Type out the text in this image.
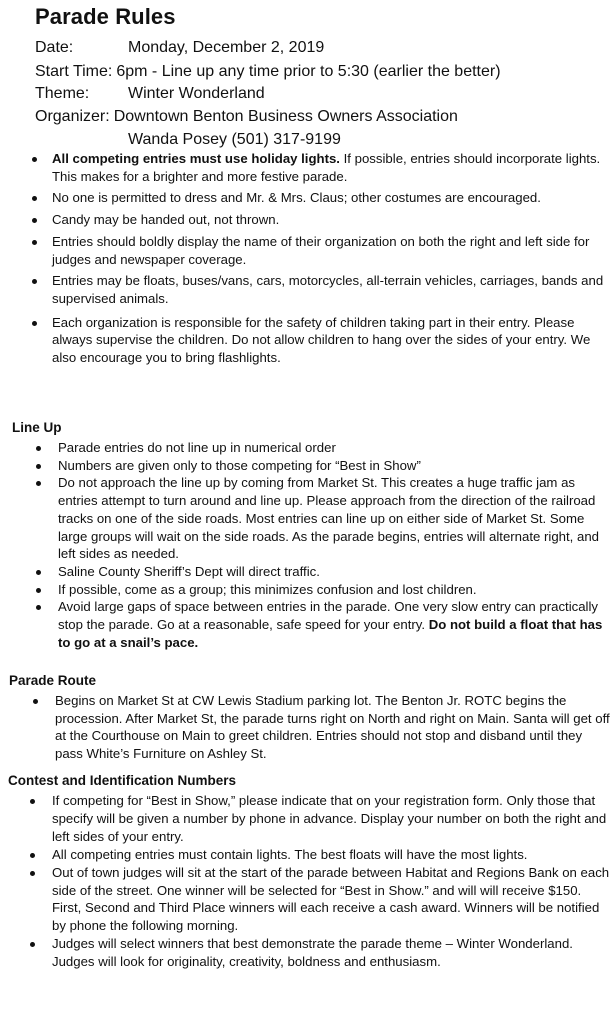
Parade Rules
Date:	Monday, December 2, 2019
Start Time: 6pm - Line up any time prior to 5:30 (earlier the better)
Theme:	Winter Wonderland
Organizer: Downtown Benton Business Owners Association
Wanda Posey (501) 317-9199
All competing entries must use holiday lights. If possible, entries should incorporate lights. This makes for a brighter and more festive parade.
No one is permitted to dress and Mr. & Mrs. Claus; other costumes are encouraged.
Candy may be handed out, not thrown.
Entries should boldly display the name of their organization on both the right and left side for judges and newspaper coverage.
Entries may be floats, buses/vans, cars, motorcycles, all-terrain vehicles, carriages, bands and supervised animals.
Each organization is responsible for the safety of children taking part in their entry. Please always supervise the children. Do not allow children to hang over the sides of your entry. We also encourage you to bring flashlights.
Line Up
Parade entries do not line up in numerical order
Numbers are given only to those competing for “Best in Show”
Do not approach the line up by coming from Market St. This creates a huge traffic jam as entries attempt to turn around and line up. Please approach from the direction of the railroad tracks on one of the side roads. Most entries can line up on either side of Market St. Some large groups will wait on the side roads. As the parade begins, entries will alternate right, and left sides as needed.
Saline County Sheriff’s Dept will direct traffic.
If possible, come as a group; this minimizes confusion and lost children.
Avoid large gaps of space between entries in the parade. One very slow entry can practically stop the parade. Go at a reasonable, safe speed for your entry. Do not build a float that has to go at a snail’s pace.
Parade Route
Begins on Market St at CW Lewis Stadium parking lot. The Benton Jr. ROTC begins the procession. After Market St, the parade turns right on North and right on Main. Santa will get off at the Courthouse on Main to greet children. Entries should not stop and disband until they pass White’s Furniture on Ashley St.
Contest and Identification Numbers
If competing for “Best in Show,” please indicate that on your registration form. Only those that specify will be given a number by phone in advance. Display your number on both the right and left sides of your entry.
All competing entries must contain lights. The best floats will have the most lights.
Out of town judges will sit at the start of the parade between Habitat and Regions Bank on each side of the street. One winner will be selected for “Best in Show.” and will will receive $150. First, Second and Third Place winners will each receive a cash award. Winners will be notified by phone the following morning.
Judges will select winners that best demonstrate the parade theme – Winter Wonderland. Judges will look for originality, creativity, boldness and enthusiasm.
